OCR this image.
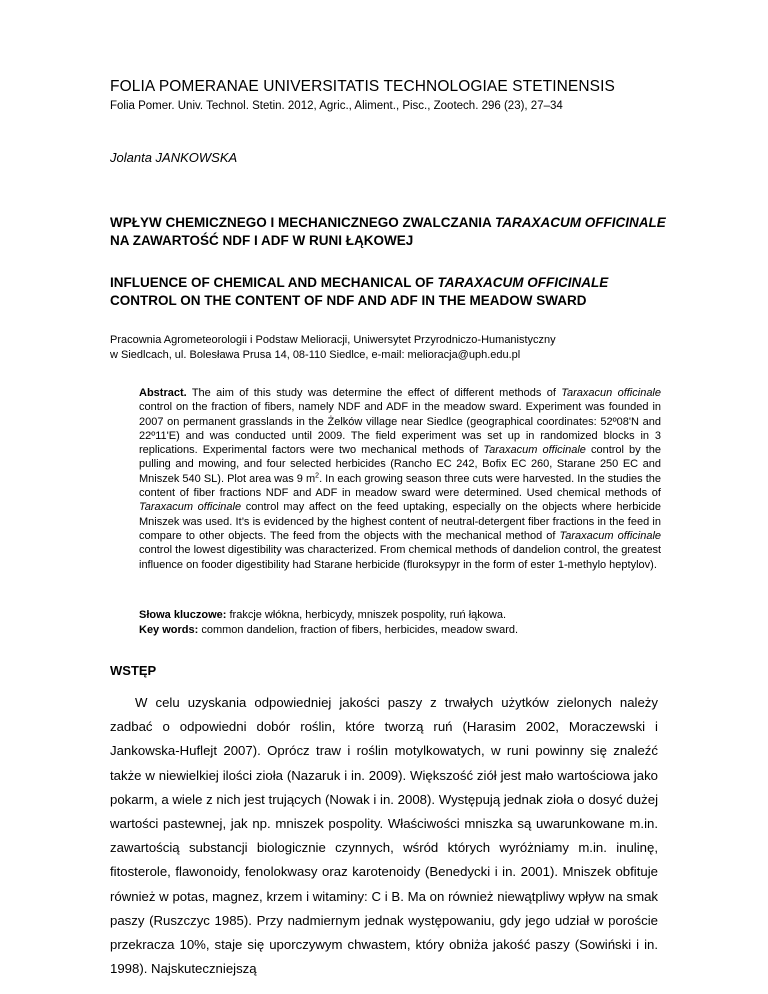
FOLIA POMERANAE UNIVERSITATIS TECHNOLOGIAE STETINENSIS
Folia Pomer. Univ. Technol. Stetin. 2012, Agric., Aliment., Pisc., Zootech. 296 (23), 27–34
Jolanta JANKOWSKA
WPŁYW CHEMICZNEGO I MECHANICZNEGO ZWALCZANIA TARAXACUM OFFICINALE NA ZAWARTOŚĆ NDF I ADF W RUNI ŁĄKOWEJ
INFLUENCE OF CHEMICAL AND MECHANICAL OF TARAXACUM OFFICINALE CONTROL ON THE CONTENT OF NDF AND ADF IN THE MEADOW SWARD
Pracownia Agrometeorologii i Podstaw Melioracji, Uniwersytet Przyrodniczo-Humanistyczny
w Siedlcach, ul. Bolesława Prusa 14, 08-110 Siedlce, e-mail: melioracja@uph.edu.pl

Abstract. The aim of this study was determine the effect of different methods of Taraxacun officinale control on the fraction of fibers, namely NDF and ADF in the meadow sward. Experiment was founded in 2007 on permanent grasslands in the Żelków village near Siedlce (geographical coordinates: 52º08'N and 22º11'E) and was conducted until 2009. The field experiment was set up in randomized blocks in 3 replications. Experimental factors were two mechanical methods of Taraxacum officinale control by the pulling and mowing, and four selected herbicides (Rancho EC 242, Bofix EC 260, Starane 250 EC and Mniszek 540 SL). Plot area was 9 $m^2$. In each growing season three cuts were harvested. In the studies the content of fiber fractions NDF and ADF in meadow sward were determined. Used chemical methods of Taraxacum officinale control may affect on the feed uptaking, especially on the objects where herbicide Mniszek was used. It’s is evidenced by the highest content of neutral-detergent fiber fractions in the feed in compare to other objects. The feed from the objects with the mechanical method of Taraxacum officinale control the lowest digestibility was characterized. From chemical methods of dandelion control, the greatest influence on fooder digestibility had Starane herbicide (fluroksypyr in the form of ester 1-methylo heptylov).

Słowa kluczowe: frakcje włókna, herbicydy, mniszek pospolity, ruń łąkowa.
Key words: common dandelion, fraction of fibers, herbicides, meadow sward.
WSTĘP

W celu uzyskania odpowiedniej jakości paszy z trwałych użytków zielonych należy zadbać o odpowiedni dobór roślin, które tworzą ruń (Harasim 2002, Moraczewski i Jankowska-Huflejt 2007). Oprócz traw i roślin motylkowatych, w runi powinny się znaleźć także w niewielkiej ilości zioła (Nazaruk i in. 2009). Większość ziół jest mało wartościowa jako pokarm, a wiele z nich jest trujących (Nowak i in. 2008). Występują jednak zioła o dosyć dużej wartości pastewnej, jak np. mniszek pospolity. Właściwości mniszka są uwarunkowane m.in. zawartością substancji biologicznie czynnych, wśród których wyróżniamy m.in. inulinę, fitosterole, flawonoidy, fenolokwasy oraz karotenoidy (Benedycki i in. 2001). Mniszek obfituje również w potas, magnez, krzem i witaminy: C i B. Ma on również niewątpliwy wpływ na smak paszy (Ruszczyc 1985). Przy nadmiernym jednak występowaniu, gdy jego udział w poroście przekracza 10%, staje się uporczywym chwastem, który obniża jakość paszy (Sowiński i in. 1998). Najskuteczniejszą
